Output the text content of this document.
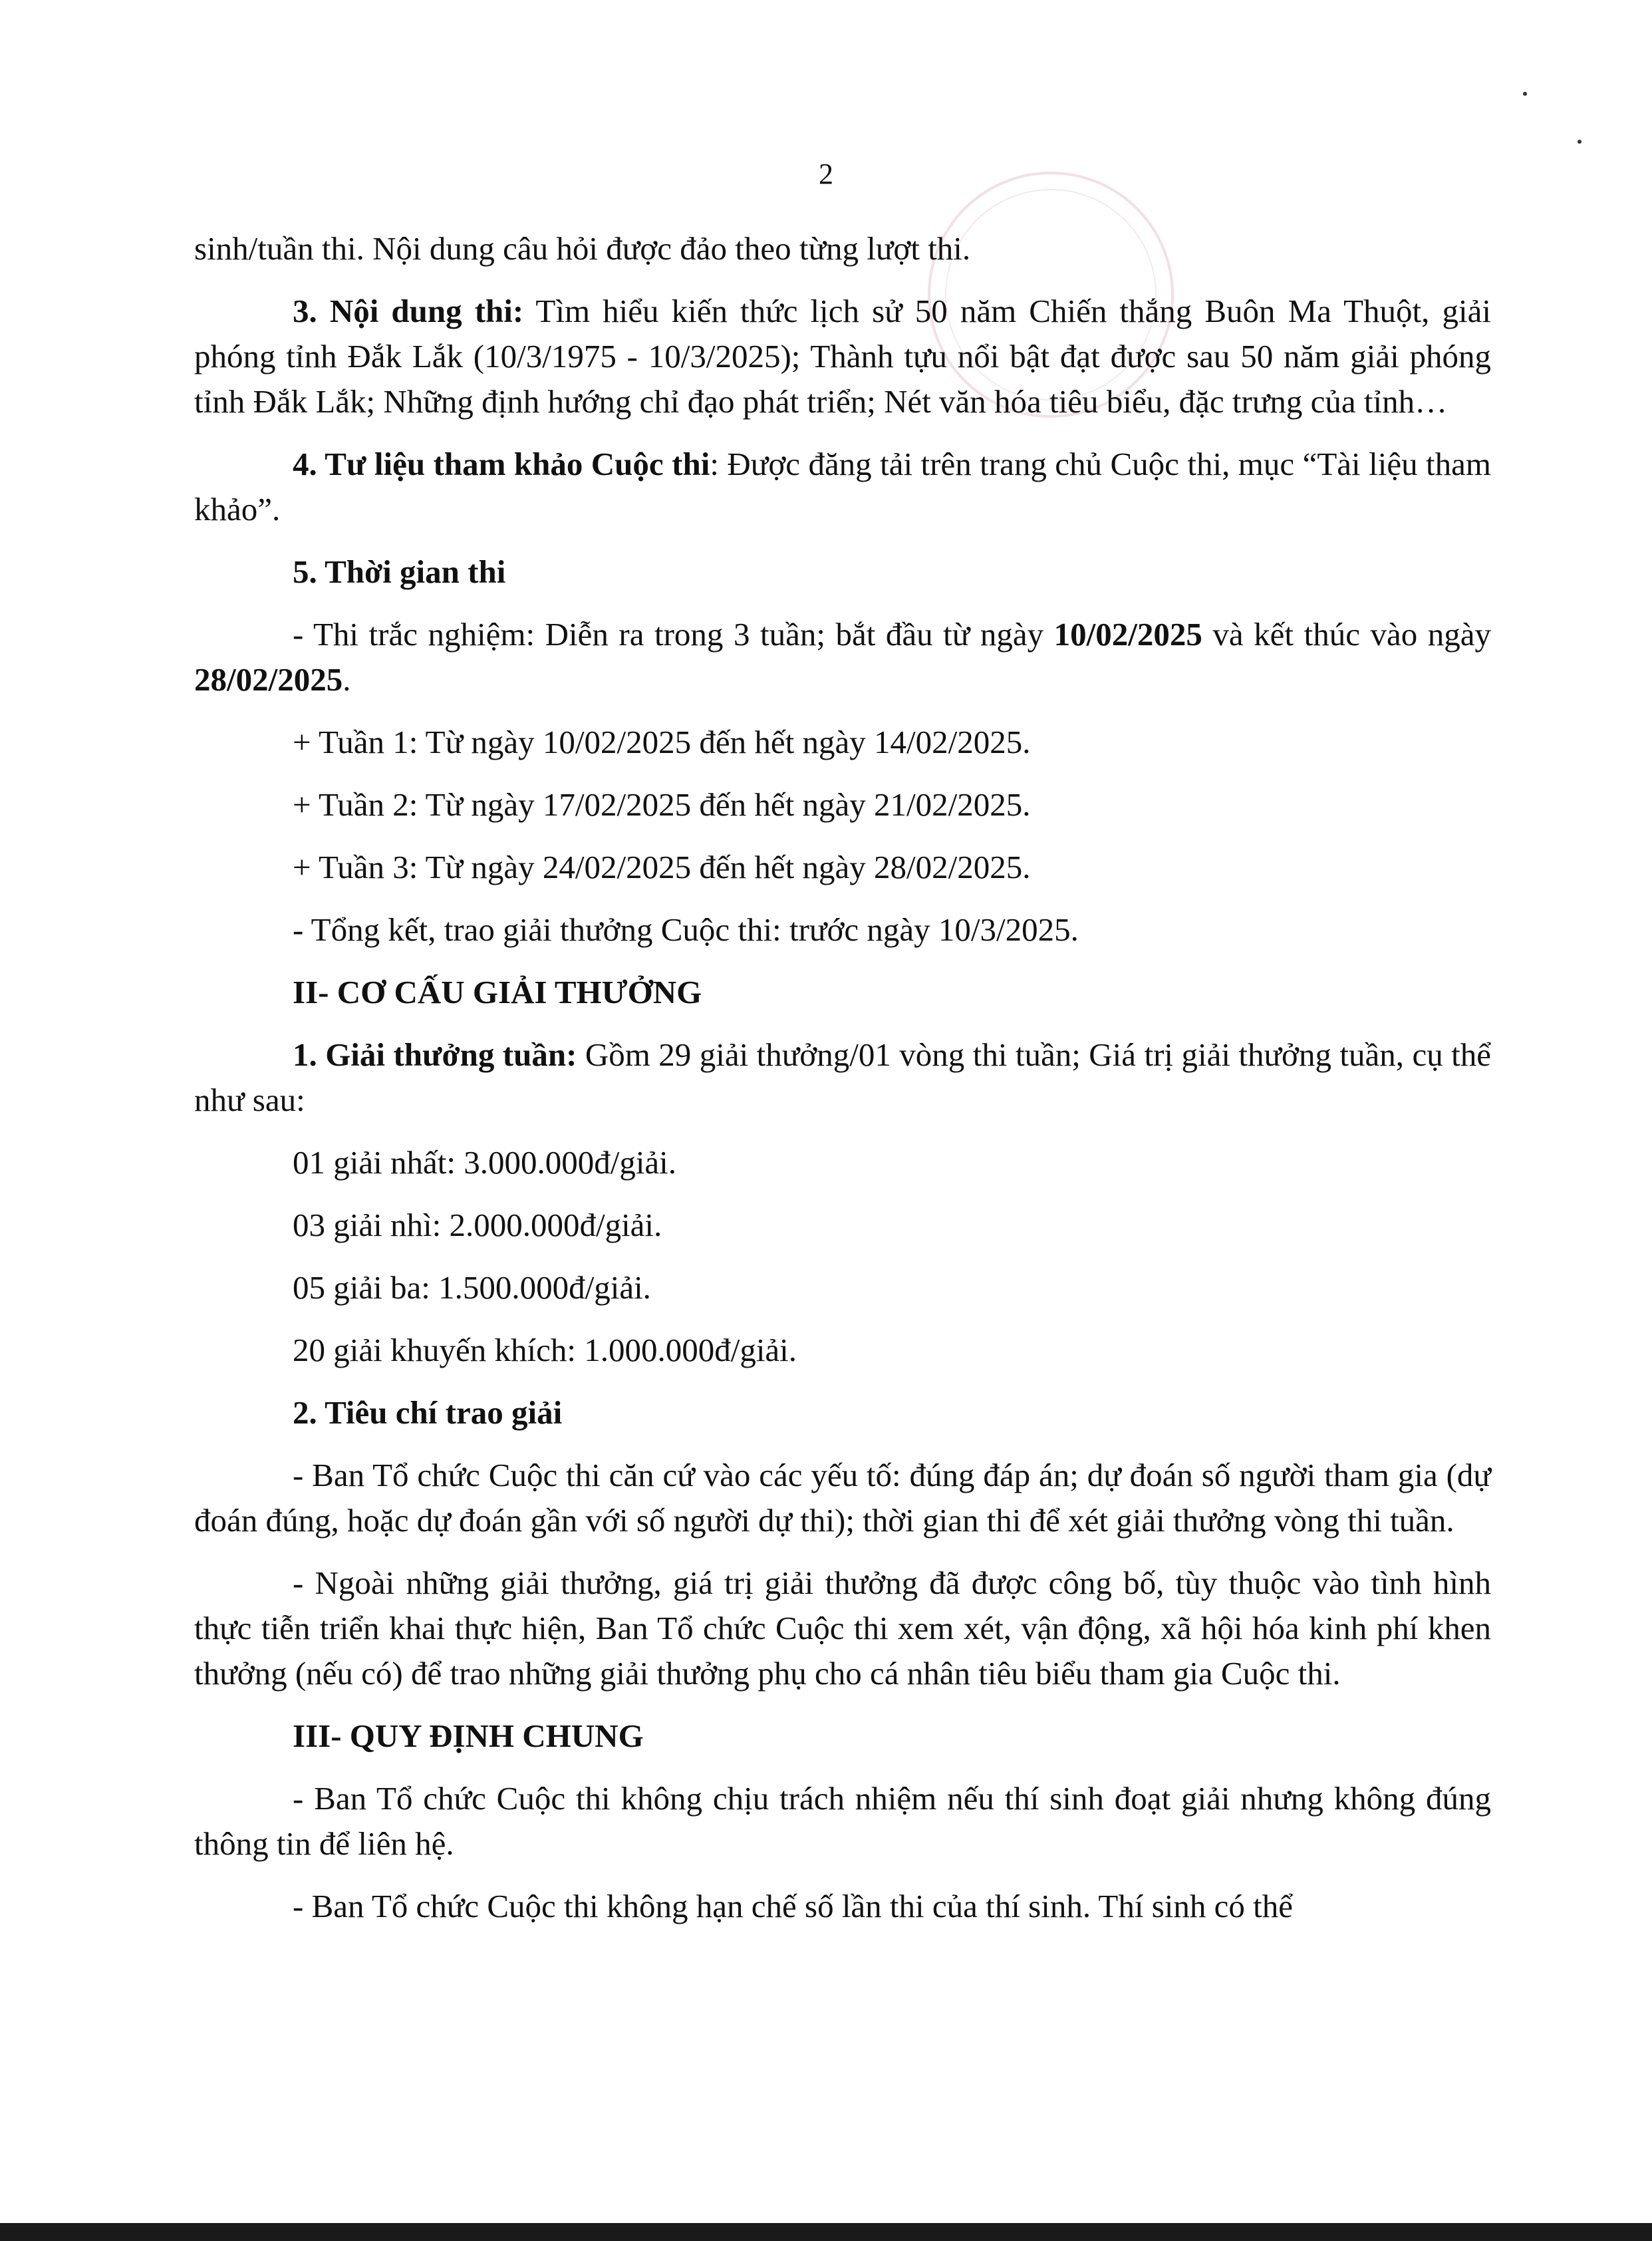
2

sinh/tuần thi. Nội dung câu hỏi được đảo theo từng lượt thi.

3. Nội dung thi: Tìm hiểu kiến thức lịch sử 50 năm Chiến thắng Buôn Ma Thuột, giải phóng tỉnh Đắk Lắk (10/3/1975 - 10/3/2025); Thành tựu nổi bật đạt được sau 50 năm giải phóng tỉnh Đắk Lắk; Những định hướng chỉ đạo phát triển; Nét văn hóa tiêu biểu, đặc trưng của tỉnh…

4. Tư liệu tham khảo Cuộc thi: Được đăng tải trên trang chủ Cuộc thi, mục “Tài liệu tham khảo”.

5. Thời gian thi

- Thi trắc nghiệm: Diễn ra trong 3 tuần; bắt đầu từ ngày 10/02/2025 và kết thúc vào ngày 28/02/2025.

+ Tuần 1: Từ ngày 10/02/2025 đến hết ngày 14/02/2025.

+ Tuần 2: Từ ngày 17/02/2025 đến hết ngày 21/02/2025.

+ Tuần 3: Từ ngày 24/02/2025 đến hết ngày 28/02/2025.

- Tổng kết, trao giải thưởng Cuộc thi: trước ngày 10/3/2025.

II- CƠ CẤU GIẢI THƯỞNG

1. Giải thưởng tuần: Gồm 29 giải thưởng/01 vòng thi tuần; Giá trị giải thưởng tuần, cụ thể như sau:

01 giải nhất: 3.000.000đ/giải.

03 giải nhì: 2.000.000đ/giải.

05 giải ba: 1.500.000đ/giải.

20 giải khuyến khích: 1.000.000đ/giải.

2. Tiêu chí trao giải

- Ban Tổ chức Cuộc thi căn cứ vào các yếu tố: đúng đáp án; dự đoán số người tham gia (dự đoán đúng, hoặc dự đoán gần với số người dự thi); thời gian thi để xét giải thưởng vòng thi tuần.

- Ngoài những giải thưởng, giá trị giải thưởng đã được công bố, tùy thuộc vào tình hình thực tiễn triển khai thực hiện, Ban Tổ chức Cuộc thi xem xét, vận động, xã hội hóa kinh phí khen thưởng (nếu có) để trao những giải thưởng phụ cho cá nhân tiêu biểu tham gia Cuộc thi.

III- QUY ĐỊNH CHUNG

- Ban Tổ chức Cuộc thi không chịu trách nhiệm nếu thí sinh đoạt giải nhưng không đúng thông tin để liên hệ.

- Ban Tổ chức Cuộc thi không hạn chế số lần thi của thí sinh. Thí sinh có thể
